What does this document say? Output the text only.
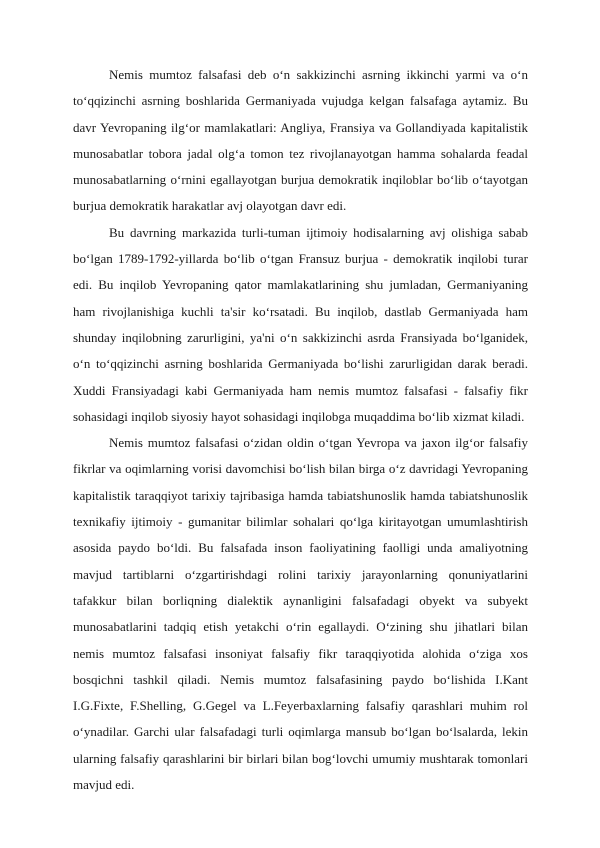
Nemis mumtoz falsafasi deb o‘n sakkizinchi asrning ikkinchi yarmi va o‘n to‘qqizinchi asrning boshlarida Germaniyada vujudga kelgan falsafaga aytamiz. Bu davr Yevropaning ilg‘or mamlakatlari: Angliya, Fransiya va Gollandiyada kapitalistik munosabatlar tobora jadal olg‘a tomon tez rivojlanayotgan hamma sohalarda feadal munosabatlarning o‘rnini egallayotgan burjua demokratik inqiloblar bo‘lib o‘tayotgan burjua demokratik harakatlar avj olayotgan davr edi.

Bu davrning markazida turli-tuman ijtimoiy hodisalarning avj olishiga sabab bo‘lgan 1789-1792-yillarda bo‘lib o‘tgan Fransuz burjua - demokratik inqilobi turar edi. Bu inqilob Yevropaning qator mamlakatlarining shu jumladan, Germaniyaning ham rivojlanishiga kuchli ta'sir ko‘rsatadi. Bu inqilob, dastlab Germaniyada ham shunday inqilobning zarurligini, ya'ni o‘n sakkizinchi asrda Fransiyada bo‘lganidek, o‘n to‘qqizinchi asrning boshlarida Germaniyada bo‘lishi zarurligidan darak beradi. Xuddi Fransiyadagi kabi Germaniyada ham nemis mumtoz falsafasi - falsafiy fikr sohasidagi inqilob siyosiy hayot sohasidagi inqilobga muqaddima bo‘lib xizmat kiladi.

Nemis mumtoz falsafasi o‘zidan oldin o‘tgan Yevropa va jaxon ilg‘or falsafiy fikrlar va oqimlarning vorisi davomchisi bo‘lish bilan birga o‘z davridagi Yevropaning kapitalistik taraqqiyot tarixiy tajribasiga hamda tabiatshunoslik hamda tabiatshunoslik texnikafiy ijtimoiy - gumanitar bilimlar sohalari qo‘lga kiritayotgan umumlashtirish asosida paydo bo‘ldi. Bu falsafada inson faoliyatining faolligi unda amaliyotning mavjud tartiblarni o‘zgartirishdagi rolini tarixiy jarayonlarning qonuniyatlarini tafakkur bilan borliqning dialektik aynanligini falsafadagi obyekt va subyekt munosabatlarini tadqiq etish yetakchi o‘rin egallaydi. O‘zining shu jihatlari bilan nemis mumtoz falsafasi insoniyat falsafiy fikr taraqqiyotida alohida o‘ziga xos bosqichni tashkil qiladi. Nemis mumtoz falsafasining paydo bo‘lishida I.Kant I.G.Fixte, F.Shelling, G.Gegel va L.Feyerbaxlarning falsafiy qarashlari muhim rol o‘ynadilar. Garchi ular falsafadagi turli oqimlarga mansub bo‘lgan bo‘lsalarda, lekin ularning falsafiy qarashlarini bir birlari bilan bog‘lovchi umumiy mushtarak tomonlari mavjud edi.
